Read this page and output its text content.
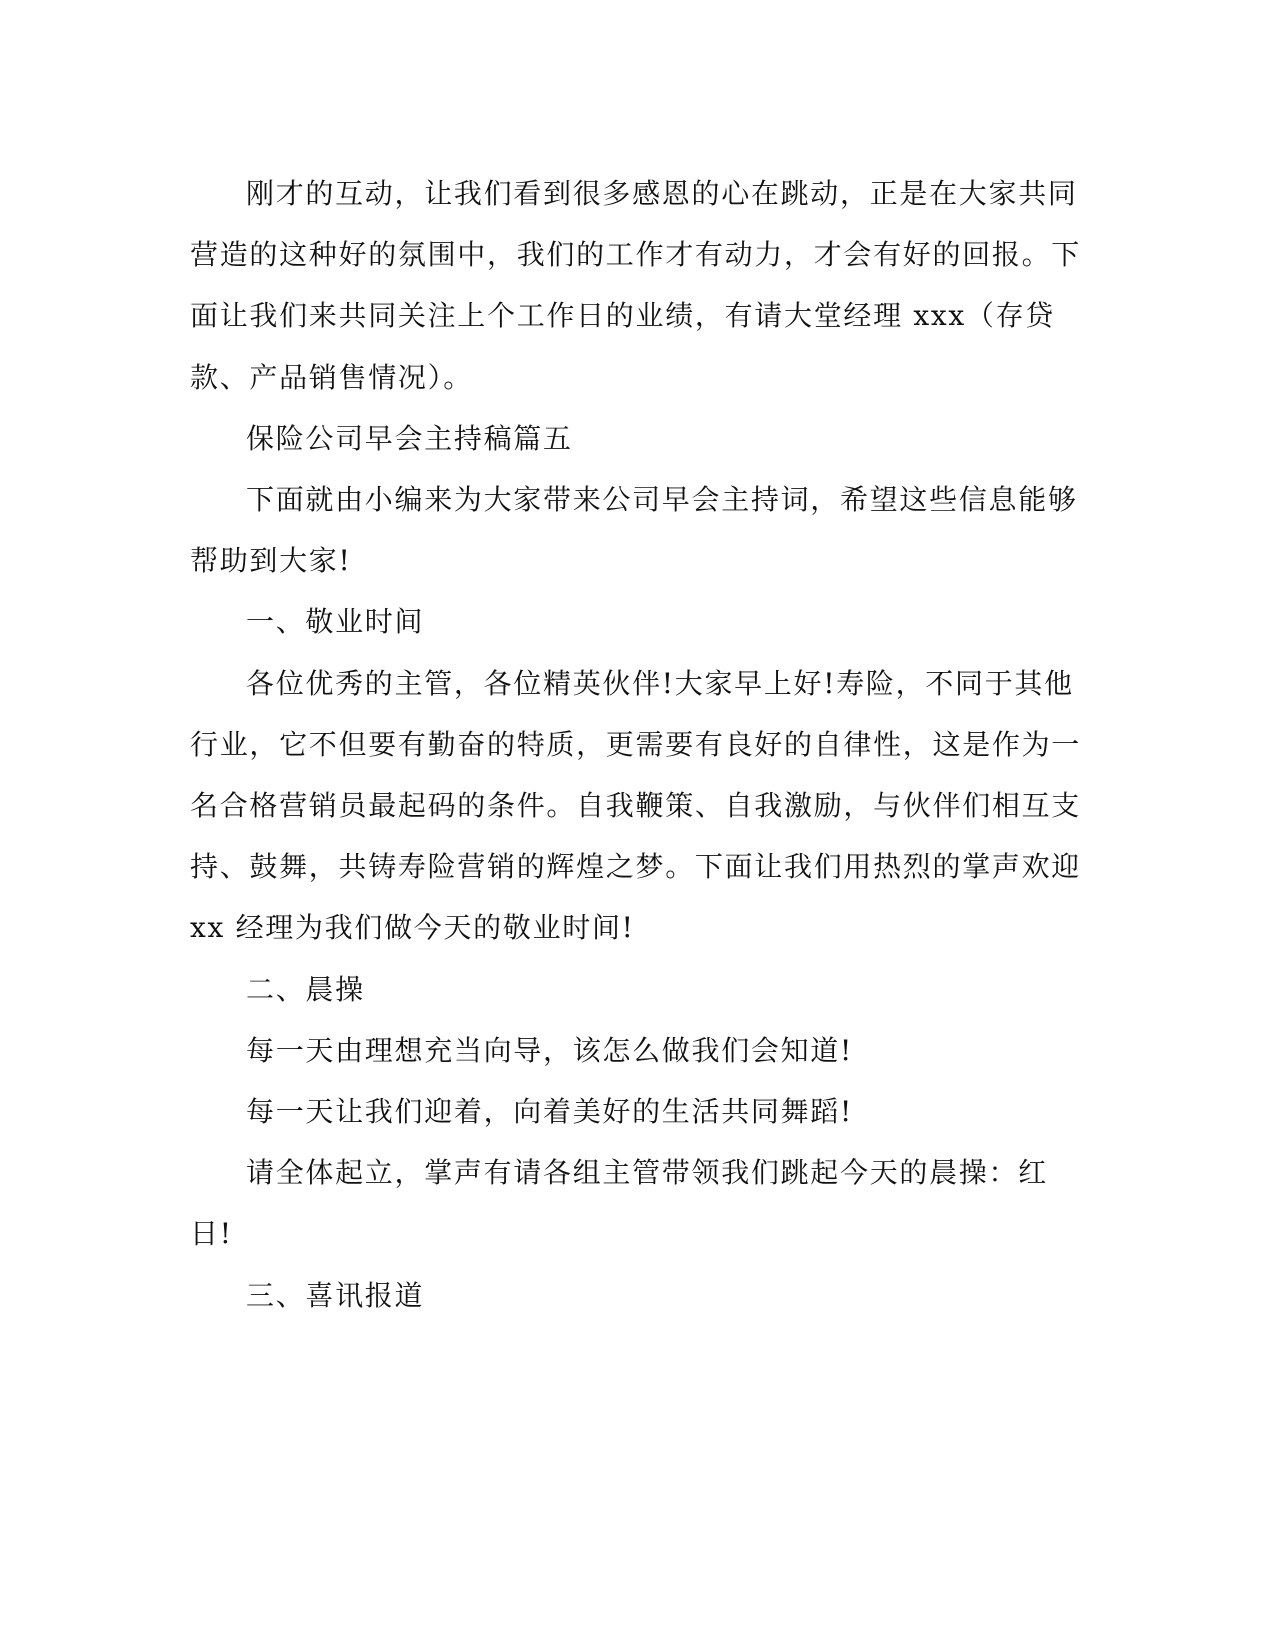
刚才的互动，让我们看到很多感恩的心在跳动，正是在大家共同营造的这种好的氛围中，我们的工作才有动力，才会有好的回报。下面让我们来共同关注上个工作日的业绩，有请大堂经理 xxx（存贷款、产品销售情况）。

保险公司早会主持稿篇五

下面就由小编来为大家带来公司早会主持词，希望这些信息能够帮助到大家!

一、敬业时间

各位优秀的主管，各位精英伙伴!大家早上好!寿险，不同于其他行业，它不但要有勤奋的特质，更需要有良好的自律性，这是作为一名合格营销员最起码的条件。自我鞭策、自我激励，与伙伴们相互支持、鼓舞，共铸寿险营销的辉煌之梦。下面让我们用热烈的掌声欢迎 xx 经理为我们做今天的敬业时间!

二、晨操

每一天由理想充当向导，该怎么做我们会知道!

每一天让我们迎着，向着美好的生活共同舞蹈!

请全体起立，掌声有请各组主管带领我们跳起今天的晨操：红日!

三、喜讯报道
